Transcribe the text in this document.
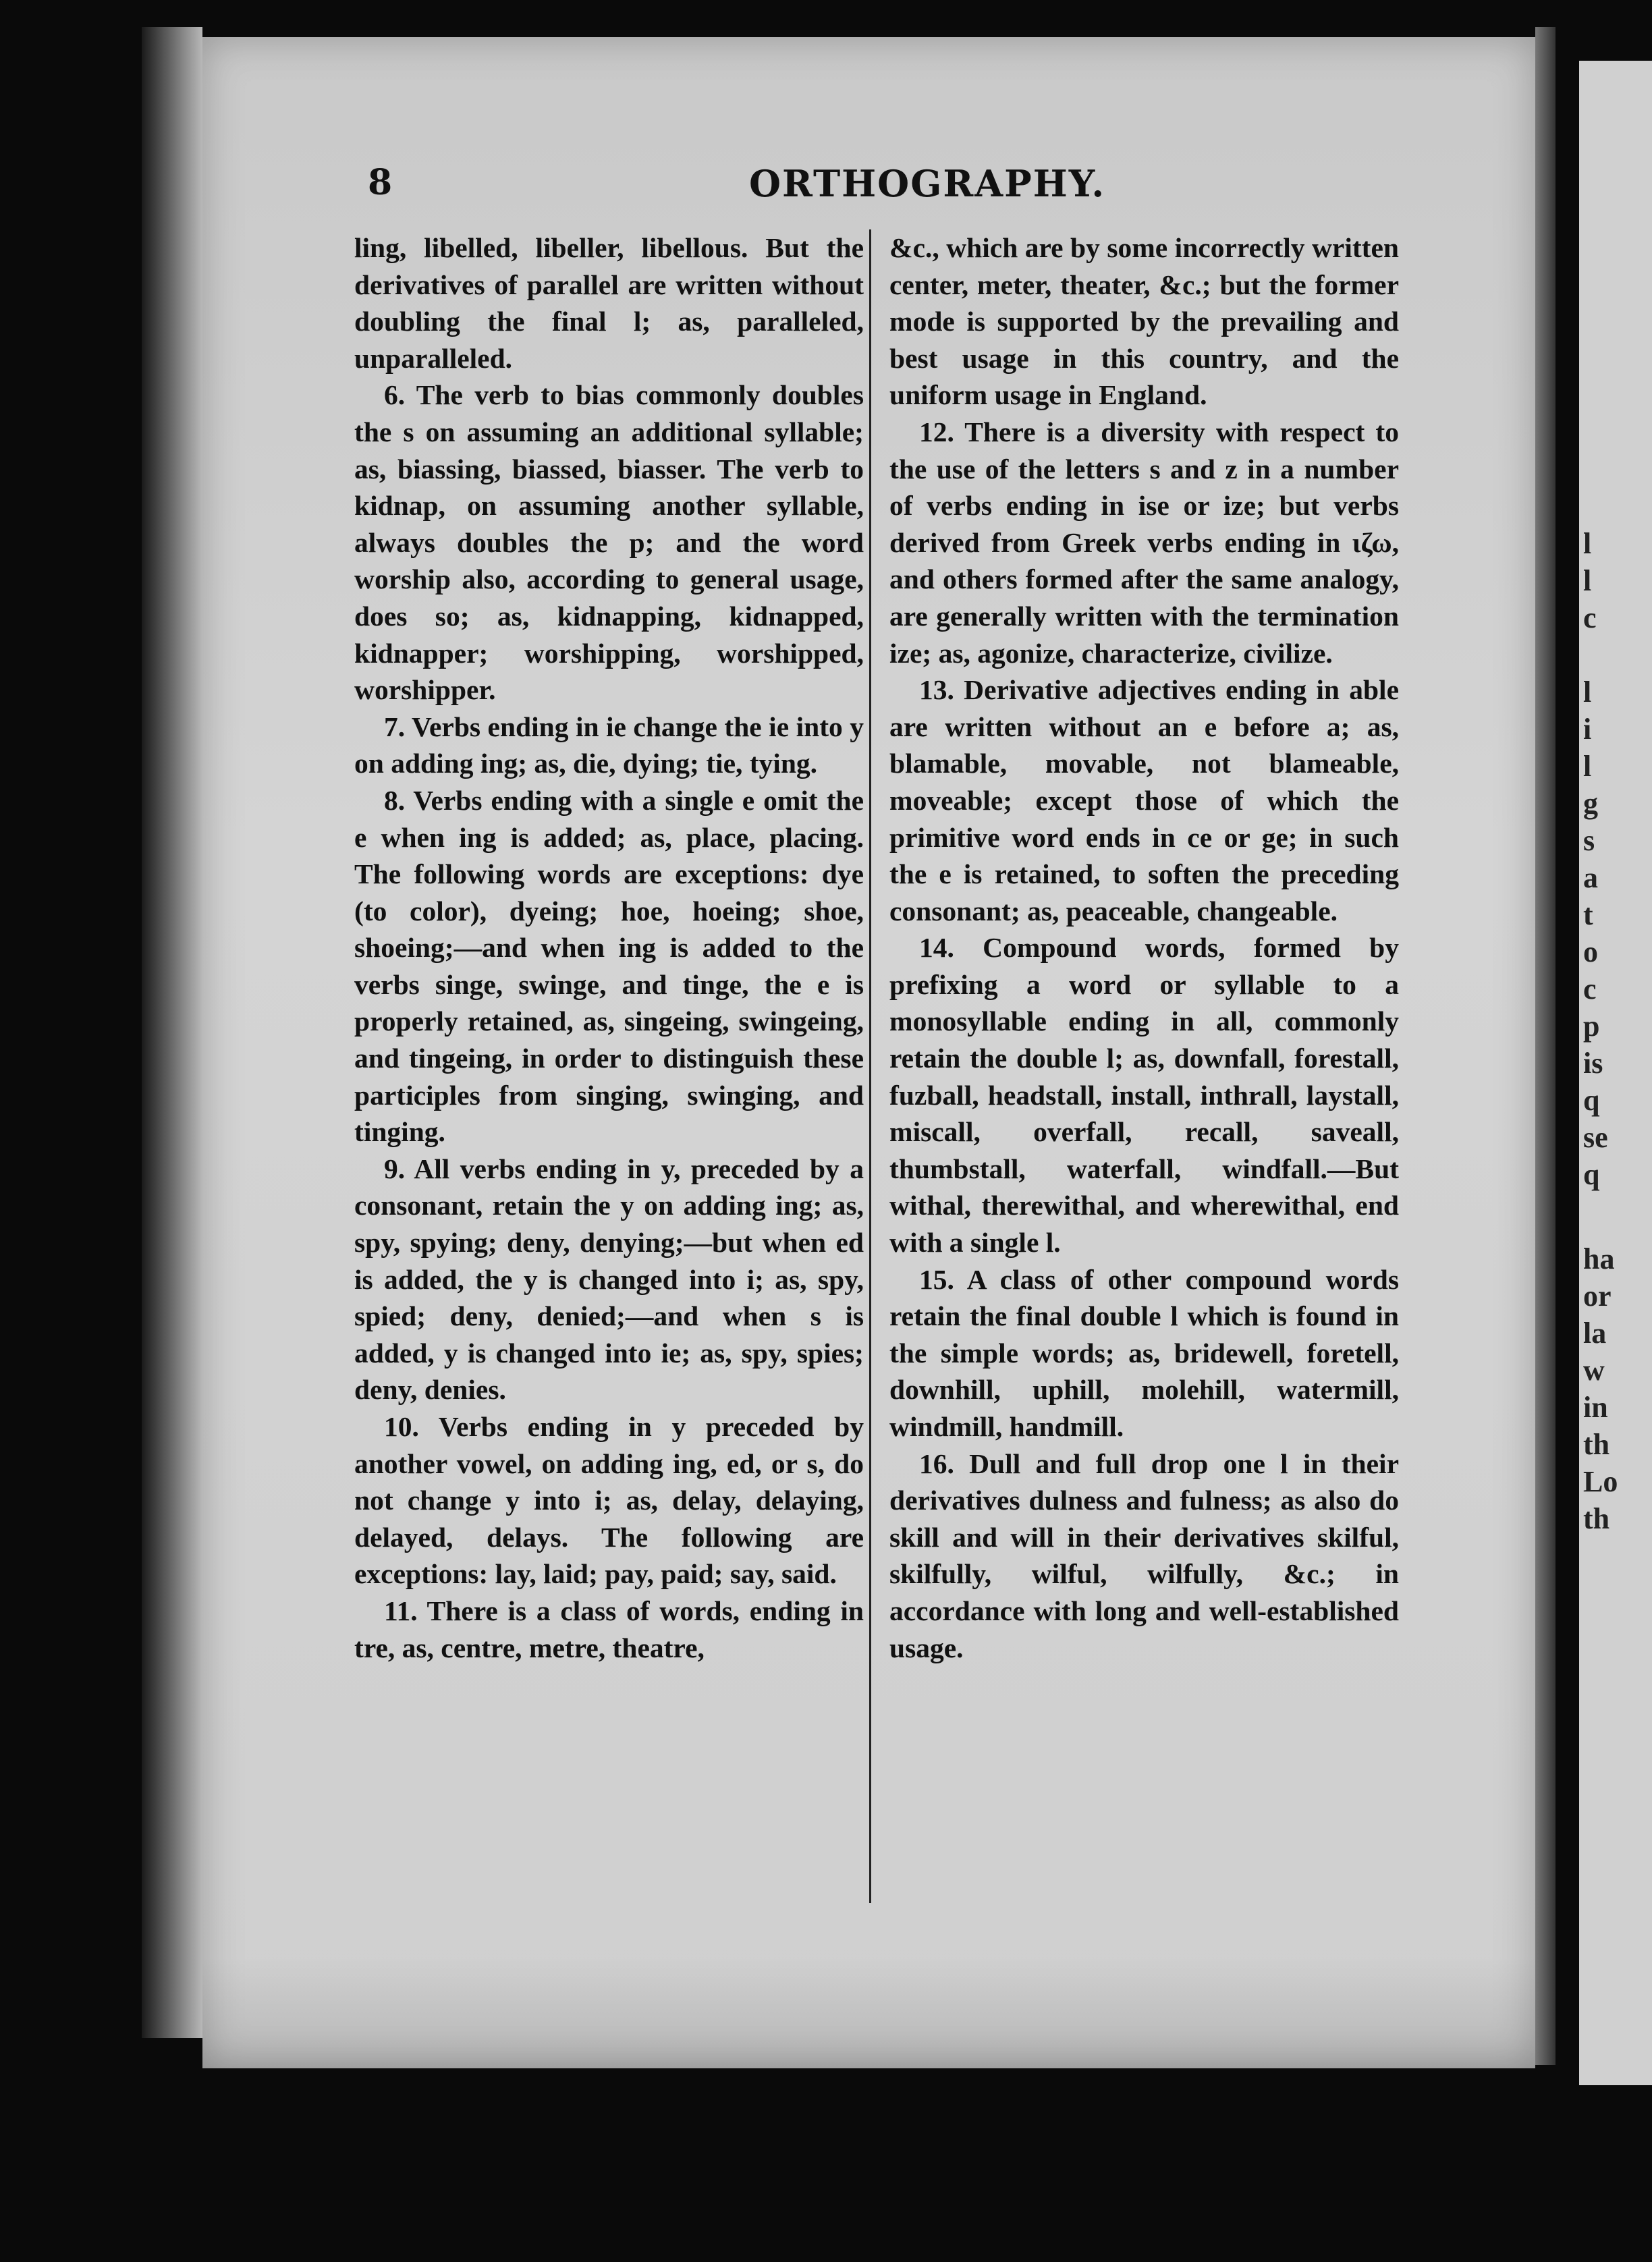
l
l
c
l
i
l
g
s
a
t
o
c
p
is
q
se
q
ha
or
la
w
in
th
Lo
th
8	ORTHOGRAPHY.

ling, libelled, libeller, libellous. But the derivatives of parallel are written without doubling the final l; as, paralleled, unparalleled.

6. The verb to bias commonly doubles the s on assuming an additional syllable; as, biassing, biassed, biasser. The verb to kidnap, on assuming another syllable, always doubles the p; and the word worship also, according to general usage, does so; as, kidnapping, kidnapped, kidnapper; worshipping, worshipped, worshipper.

7. Verbs ending in ie change the ie into y on adding ing; as, die, dying; tie, tying.

8. Verbs ending with a single e omit the e when ing is added; as, place, placing. The following words are exceptions: dye (to color), dyeing; hoe, hoeing; shoe, shoeing;—and when ing is added to the verbs singe, swinge, and tinge, the e is properly retained, as, singeing, swingeing, and tingeing, in order to distinguish these participles from singing, swinging, and tinging.

9. All verbs ending in y, preceded by a consonant, retain the y on adding ing; as, spy, spying; deny, denying;—but when ed is added, the y is changed into i; as, spy, spied; deny, denied;—and when s is added, y is changed into ie; as, spy, spies; deny, denies.

10. Verbs ending in y preceded by another vowel, on adding ing, ed, or s, do not change y into i; as, delay, delaying, delayed, delays. The following are exceptions: lay, laid; pay, paid; say, said.

11. There is a class of words, ending in tre, as, centre, metre, theatre,

&c., which are by some incorrectly written center, meter, theater, &c.; but the former mode is supported by the prevailing and best usage in this country, and the uniform usage in England.

12. There is a diversity with respect to the use of the letters s and z in a number of verbs ending in ise or ize; but verbs derived from Greek verbs ending in ιζω, and others formed after the same analogy, are generally written with the termination ize; as, agonize, characterize, civilize.

13. Derivative adjectives ending in able are written without an e before a; as, blamable, movable, not blameable, moveable; except those of which the primitive word ends in ce or ge; in such the e is retained, to soften the preceding consonant; as, peaceable, changeable.

14. Compound words, formed by prefixing a word or syllable to a monosyllable ending in all, commonly retain the double l; as, downfall, forestall, fuzball, headstall, install, inthrall, laystall, miscall, overfall, recall, saveall, thumbstall, waterfall, windfall.—But withal, therewithal, and wherewithal, end with a single l.

15. A class of other compound words retain the final double l which is found in the simple words; as, bridewell, foretell, downhill, uphill, molehill, watermill, windmill, handmill.

16. Dull and full drop one l in their derivatives dulness and fulness; as also do skill and will in their derivatives skilful, skilfully, wilful, wilfully, &c.; in accordance with long and well-established usage.
